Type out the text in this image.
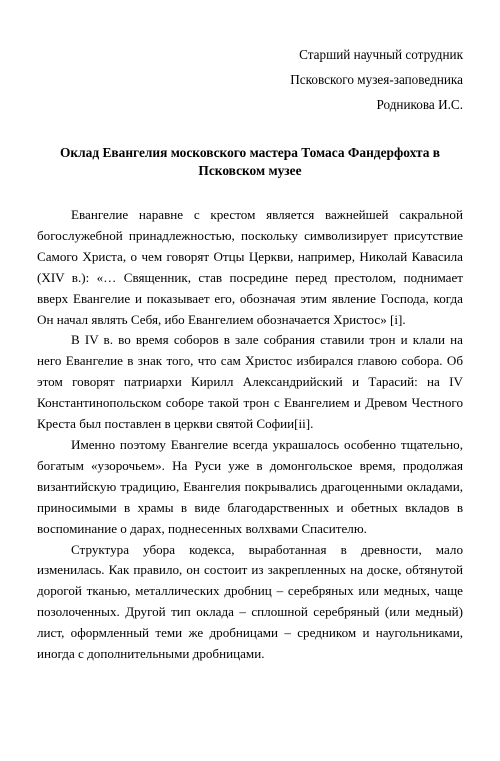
Старший научный сотрудник
Псковского музея-заповедника
Родникова И.С.
Оклад Евангелия московского мастера Томаса Фандерфохта в
Псковском музее

Евангелие наравне с крестом является важнейшей сакральной богослужебной принадлежностью, поскольку символизирует присутствие Самого Христа, о чем говорят Отцы Церкви, например, Николай Кавасила (XIV в.): «… Священник, став посредине перед престолом, поднимает вверх Евангелие и показывает его, обозначая этим явление Господа, когда Он начал являть Себя, ибо Евангелием обозначается Христос» [i].

В IV в. во время соборов в зале собрания ставили трон и клали на него Евангелие в знак того, что сам Христос избирался главою собора. Об этом говорят патриархи Кирилл Александрийский и Тарасий: на IV Константинопольском соборе такой трон с Евангелием и Древом Честного Креста был поставлен в церкви святой Софии[ii].

Именно поэтому Евангелие всегда украшалось особенно тщательно, богатым «узорочьем». На Руси уже в домонгольское время, продолжая византийскую традицию, Евангелия покрывались драгоценными окладами, приносимыми в храмы в виде благодарственных и обетных вкладов в воспоминание о дарах, поднесенных волхвами Спасителю.

Структура убора кодекса, выработанная в древности, мало изменилась. Как правило, он состоит из закрепленных на доске, обтянутой дорогой тканью, металлических дробниц – серебряных или медных, чаще позолоченных. Другой тип оклада – сплошной серебряный (или медный) лист, оформленный теми же дробницами – средником и наугольниками, иногда с дополнительными дробницами.
